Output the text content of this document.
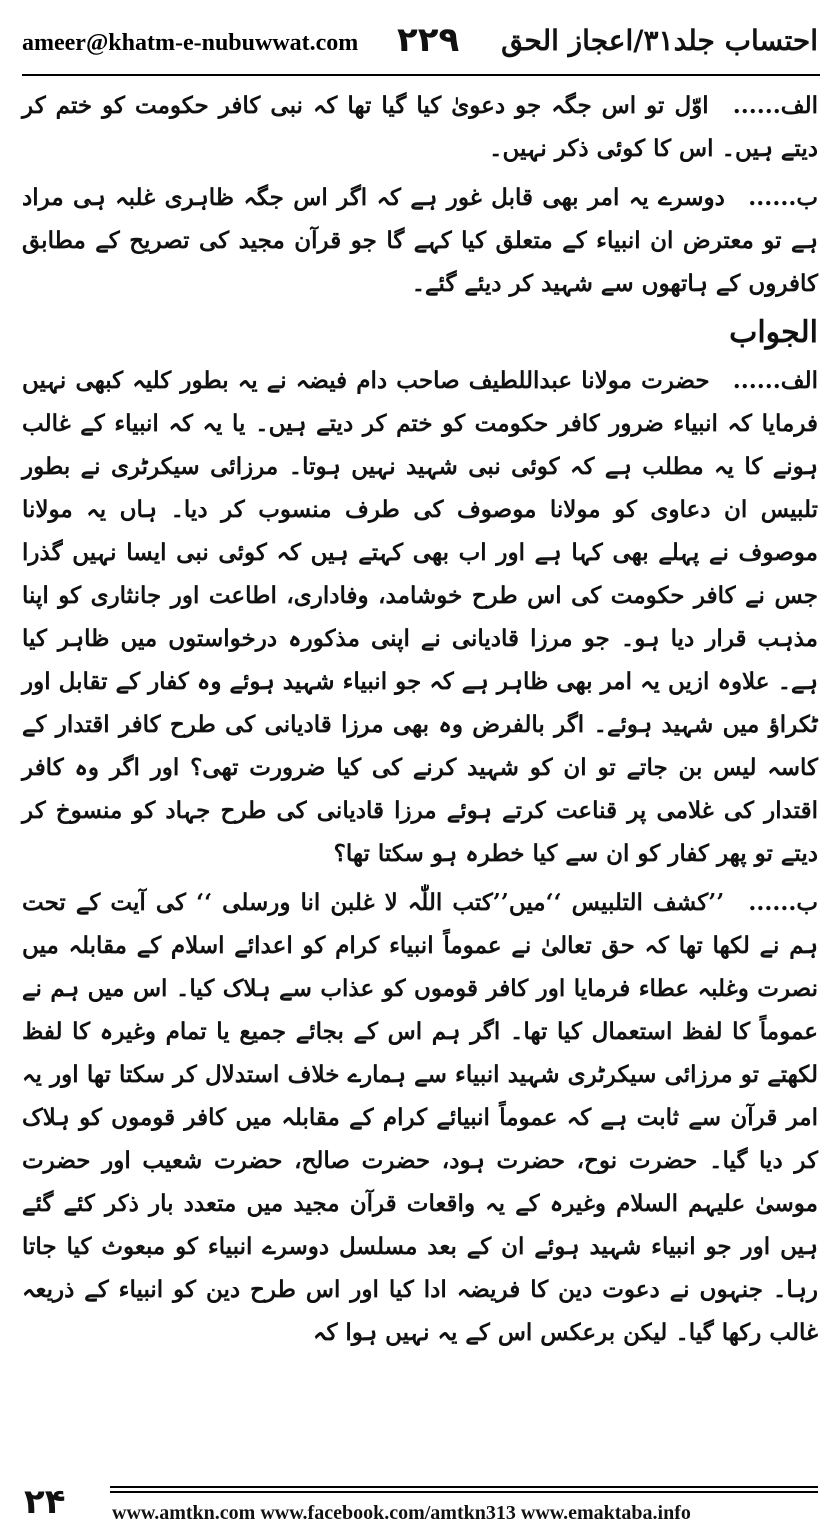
ameer@khatm-e-nubuwwat.com ۲۲۹ احتساب جلد۳۱/اعجاز الحق

الف...... اوّل تو اس جگہ جو دعویٰ کیا گیا تھا کہ نبی کافر حکومت کو ختم کر دیتے ہیں۔ اس کا کوئی ذکر نہیں۔

ب...... دوسرے یہ امر بھی قابل غور ہے کہ اگر اس جگہ ظاہری غلبہ ہی مراد ہے تو معترض ان انبیاء کے متعلق کیا کہے گا جو قرآن مجید کی تصریح کے مطابق کافروں کے ہاتھوں سے شہید کر دیئے گئے۔

الجواب

الف...... حضرت مولانا عبداللطیف صاحب دام فیضہ نے یہ بطور کلیہ کبھی نہیں فرمایا کہ انبیاء ضرور کافر حکومت کو ختم کر دیتے ہیں۔ یا یہ کہ انبیاء کے غالب ہونے کا یہ مطلب ہے کہ کوئی نبی شہید نہیں ہوتا۔ مرزائی سیکرٹری نے بطور تلبیس ان دعاوی کو مولانا موصوف کی طرف منسوب کر دیا۔ ہاں یہ مولانا موصوف نے پہلے بھی کہا ہے اور اب بھی کہتے ہیں کہ کوئی نبی ایسا نہیں گذرا جس نے کافر حکومت کی اس طرح خوشامد، وفاداری، اطاعت اور جانثاری کو اپنا مذہب قرار دیا ہو۔ جو مرزا قادیانی نے اپنی مذکورہ درخواستوں میں ظاہر کیا ہے۔ علاوہ ازیں یہ امر بھی ظاہر ہے کہ جو انبیاء شہید ہوئے وہ کفار کے تقابل اور ٹکراؤ میں شہید ہوئے۔ اگر بالفرض وہ بھی مرزا قادیانی کی طرح کافر اقتدار کے کاسہ لیس بن جاتے تو ان کو شہید کرنے کی کیا ضرورت تھی؟ اور اگر وہ کافر اقتدار کی غلامی پر قناعت کرتے ہوئے مرزا قادیانی کی طرح جہاد کو منسوخ کر دیتے تو پھر کفار کو ان سے کیا خطرہ ہو سکتا تھا؟

ب...... ’’کشف التلبیس ‘‘میں’’کتب اللّٰہ لا غلبن انا ورسلی ‘‘ کی آیت کے تحت ہم نے لکھا تھا کہ حق تعالیٰ نے عموماً انبیاء کرام کو اعدائے اسلام کے مقابلہ میں نصرت وغلبہ عطاء فرمایا اور کافر قوموں کو عذاب سے ہلاک کیا۔ اس میں ہم نے عموماً کا لفظ استعمال کیا تھا۔ اگر ہم اس کے بجائے جمیع یا تمام وغیرہ کا لفظ لکھتے تو مرزائی سیکرٹری شہید انبیاء سے ہمارے خلاف استدلال کر سکتا تھا اور یہ امر قرآن سے ثابت ہے کہ عموماً انبیائے کرام کے مقابلہ میں کافر قوموں کو ہلاک کر دیا گیا۔ حضرت نوح، حضرت ہود، حضرت صالح، حضرت شعیب اور حضرت موسیٰ علیہم السلام وغیرہ کے یہ واقعات قرآن مجید میں متعدد بار ذکر کئے گئے ہیں اور جو انبیاء شہید ہوئے ان کے بعد مسلسل دوسرے انبیاء کو مبعوث کیا جاتا رہا۔ جنہوں نے دعوت دین کا فریضہ ادا کیا اور اس طرح دین کو انبیاء کے ذریعہ غالب رکھا گیا۔ لیکن برعکس اس کے یہ نہیں ہوا کہ

۲۴ www.amtkn.com www.facebook.com/amtkn313 www.emaktaba.info
